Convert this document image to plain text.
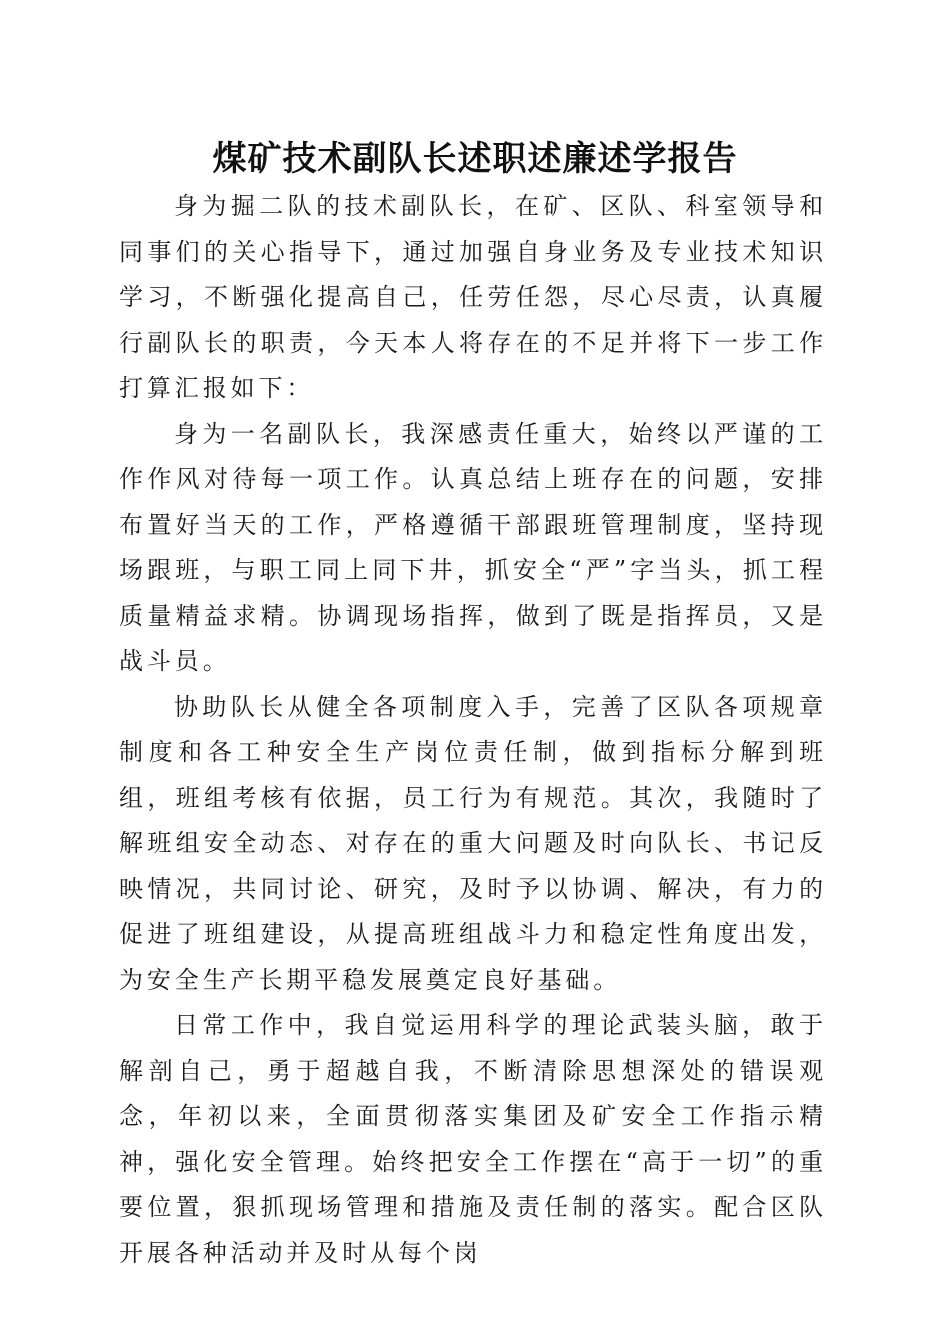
煤矿技术副队长述职述廉述学报告

身为掘二队的技术副队长，在矿、区队、科室领导和同事们的关心指导下，通过加强自身业务及专业技术知识学习，不断强化提高自己，任劳任怨，尽心尽责，认真履行副队长的职责，今天本人将存在的不足并将下一步工作打算汇报如下：

身为一名副队长，我深感责任重大，始终以严谨的工作作风对待每一项工作。认真总结上班存在的问题，安排布置好当天的工作，严格遵循干部跟班管理制度，坚持现场跟班，与职工同上同下井，抓安全“严”字当头，抓工程质量精益求精。协调现场指挥，做到了既是指挥员，又是战斗员。

协助队长从健全各项制度入手，完善了区队各项规章制度和各工种安全生产岗位责任制，做到指标分解到班组，班组考核有依据，员工行为有规范。其次，我随时了解班组安全动态、对存在的重大问题及时向队长、书记反映情况，共同讨论、研究，及时予以协调、解决，有力的促进了班组建设，从提高班组战斗力和稳定性角度出发，为安全生产长期平稳发展奠定良好基础。

日常工作中，我自觉运用科学的理论武装头脑，敢于解剖自己，勇于超越自我，不断清除思想深处的错误观念，年初以来，全面贯彻落实集团及矿安全工作指示精神，强化安全管理。始终把安全工作摆在“高于一切”的重要位置，狠抓现场管理和措施及责任制的落实。配合区队开展各种活动并及时从每个岗
